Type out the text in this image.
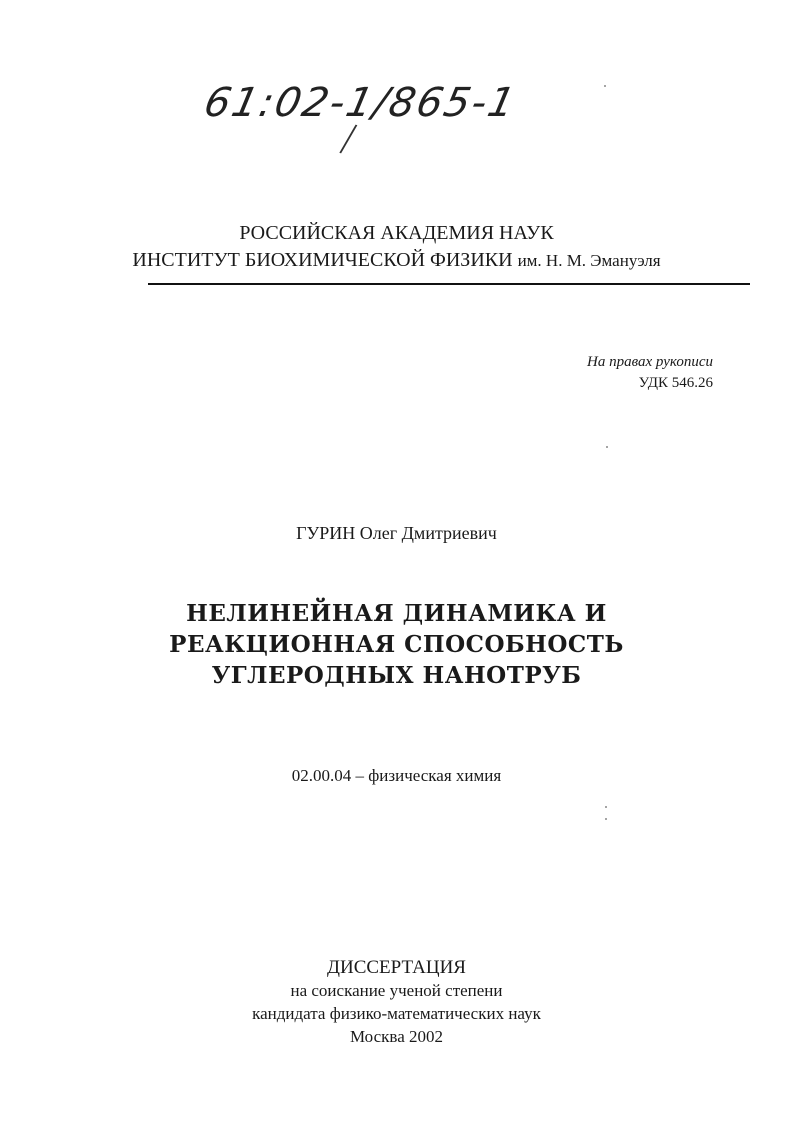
61:02-1/865-1
РОССИЙСКАЯ АКАДЕМИЯ НАУК
ИНСТИТУТ БИОХИМИЧЕСКОЙ ФИЗИКИ им. Н. М. Эмануэля
На правах рукописи
УДК 546.26
ГУРИН Олег Дмитриевич
НЕЛИНЕЙНАЯ ДИНАМИКА И
РЕАКЦИОННАЯ СПОСОБНОСТЬ
УГЛЕРОДНЫХ НАНОТРУБ
02.00.04 – физическая химия
ДИССЕРТАЦИЯ
на соискание ученой степени
кандидата физико-математических наук
Москва 2002
